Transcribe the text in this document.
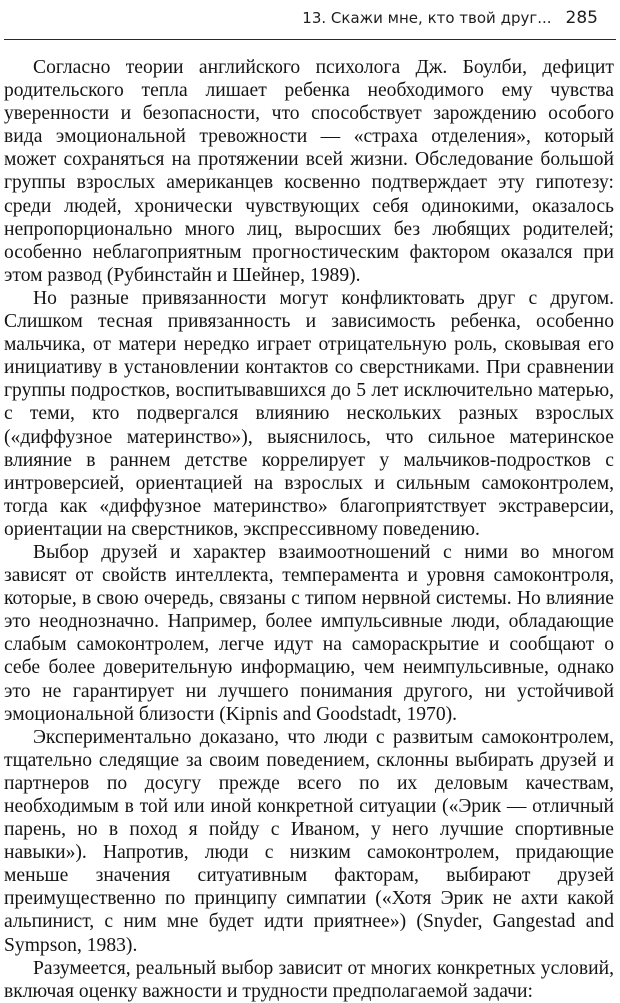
13. Скажи мне, кто твой друг... 285

Согласно теории английского психолога Дж. Боулби, дефицит родительского тепла лишает ребенка необходимого ему чувства уверенности и безопасности, что способствует зарождению особого вида эмоциональной тревожности — «страха отделения», который может сохраняться на протяжении всей жизни. Обследование большой группы взрослых американцев косвенно подтверждает эту гипотезу: среди людей, хронически чувствующих себя одинокими, оказалось непропорционально много лиц, выросших без любящих родителей; особенно неблагоприятным прогностическим фактором оказался при этом развод (Рубинстайн и Шейнер, 1989).

Но разные привязанности могут конфликтовать друг с другом. Слишком тесная привязанность и зависимость ребенка, особенно мальчика, от матери нередко играет отрицательную роль, сковывая его инициативу в установлении контактов со сверстниками. При сравнении группы подростков, воспитывавшихся до 5 лет исключительно матерью, с теми, кто подвергался влиянию нескольких разных взрослых («диффузное материнство»), выяснилось, что сильное материнское влияние в раннем детстве коррелирует у мальчиков-подростков с интроверсией, ориентацией на взрослых и сильным самоконтролем, тогда как «диффузное материнство» благоприятствует экстраверсии, ориентации на сверстников, экспрессивному поведению.

Выбор друзей и характер взаимоотношений с ними во многом зависят от свойств интеллекта, темперамента и уровня самоконтроля, которые, в свою очередь, связаны с типом нервной системы. Но влияние это неоднозначно. Например, более импульсивные люди, обладающие слабым самоконтролем, легче идут на самораскрытие и сообщают о себе более доверительную информацию, чем неимпульсивные, однако это не гарантирует ни лучшего понимания другого, ни устойчивой эмоциональной близости (Kipnis and Goodstadt, 1970).

Экспериментально доказано, что люди с развитым самоконтролем, тщательно следящие за своим поведением, склонны выбирать друзей и партнеров по досугу прежде всего по их деловым качествам, необходимым в той или иной конкретной ситуации («Эрик — отличный парень, но в поход я пойду с Иваном, у него лучшие спортивные навыки»). Напротив, люди с низким самоконтролем, придающие меньше значения ситуативным факторам, выбирают друзей преимущественно по принципу симпатии («Хотя Эрик не ахти какой альпинист, с ним мне будет идти приятнее») (Snyder, Gangestad and Sympson, 1983).

Разумеется, реальный выбор зависит от многих конкретных условий, включая оценку важности и трудности предполагаемой задачи:
